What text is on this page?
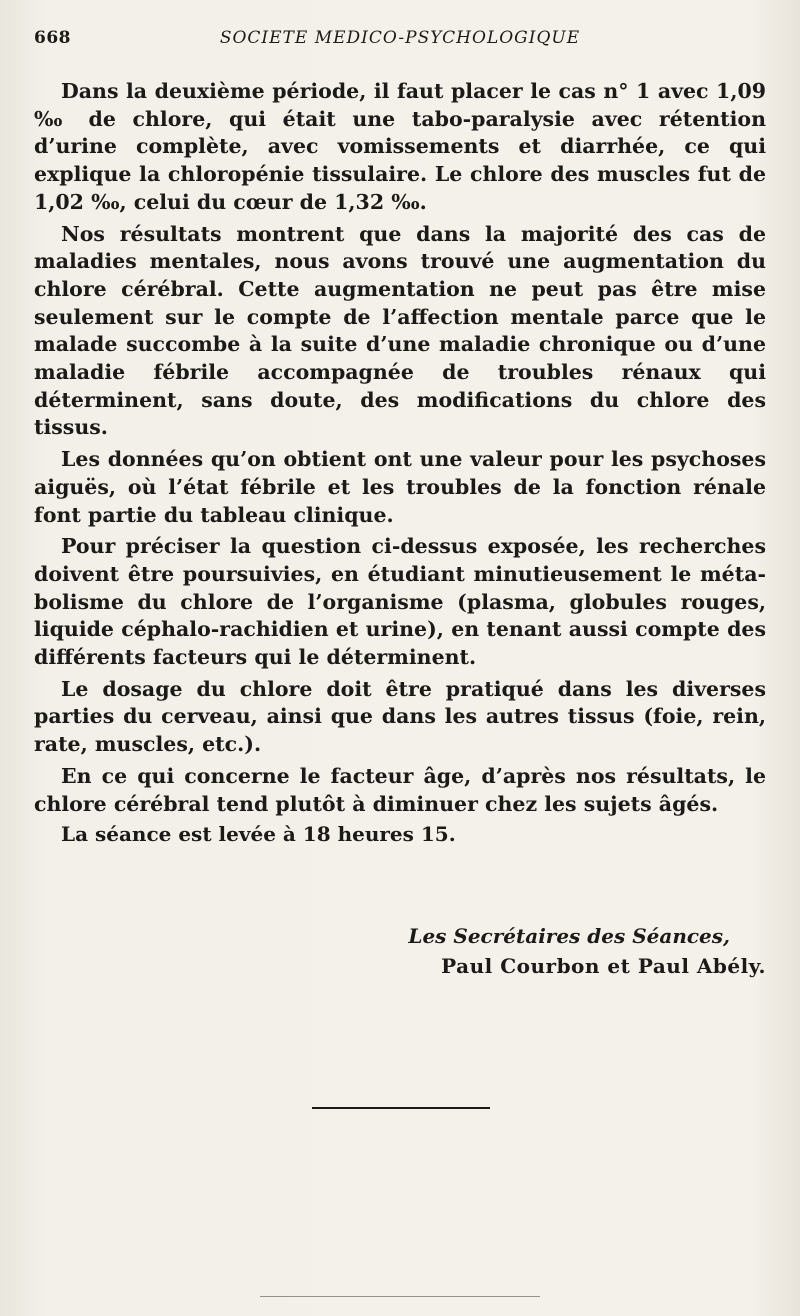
668	SOCIETE MEDICO-PSYCHOLOGIQUE

Dans la deuxième période, il faut placer le cas n° 1 avec 1,09 ‰ de chlore, qui était une tabo-paralysie avec rétention d’urine complète, avec vomissements et diarrhée, ce qui explique la chloropénie tissulaire. Le chlore des muscles fut de 1,02 ‰, celui du cœur de 1,32 ‰.

Nos résultats montrent que dans la majorité des cas de maladies mentales, nous avons trouvé une augmentation du chlore cérébral. Cette augmentation ne peut pas être mise seulement sur le compte de l’affection mentale parce que le malade succombe à la suite d’une maladie chronique ou d’une maladie fébrile accompagnée de troubles rénaux qui déterminent, sans doute, des modifications du chlore des tissus.

Les données qu’on obtient ont une valeur pour les psychoses aiguës, où l’état fébrile et les troubles de la fonction rénale font partie du tableau clinique.

Pour préciser la question ci-dessus exposée, les recherches doivent être poursuivies, en étudiant minutieusement le métabolisme du chlore de l’organisme (plasma, globules rouges, liquide céphalo-rachidien et urine), en tenant aussi compte des différents facteurs qui le déterminent.

Le dosage du chlore doit être pratiqué dans les diverses parties du cerveau, ainsi que dans les autres tissus (foie, rein, rate, muscles, etc.).

En ce qui concerne le facteur âge, d’après nos résultats, le chlore cérébral tend plutôt à diminuer chez les sujets âgés.

La séance est levée à 18 heures 15.
Les Secrétaires des Séances,
Paul Courbon et Paul Abély.
